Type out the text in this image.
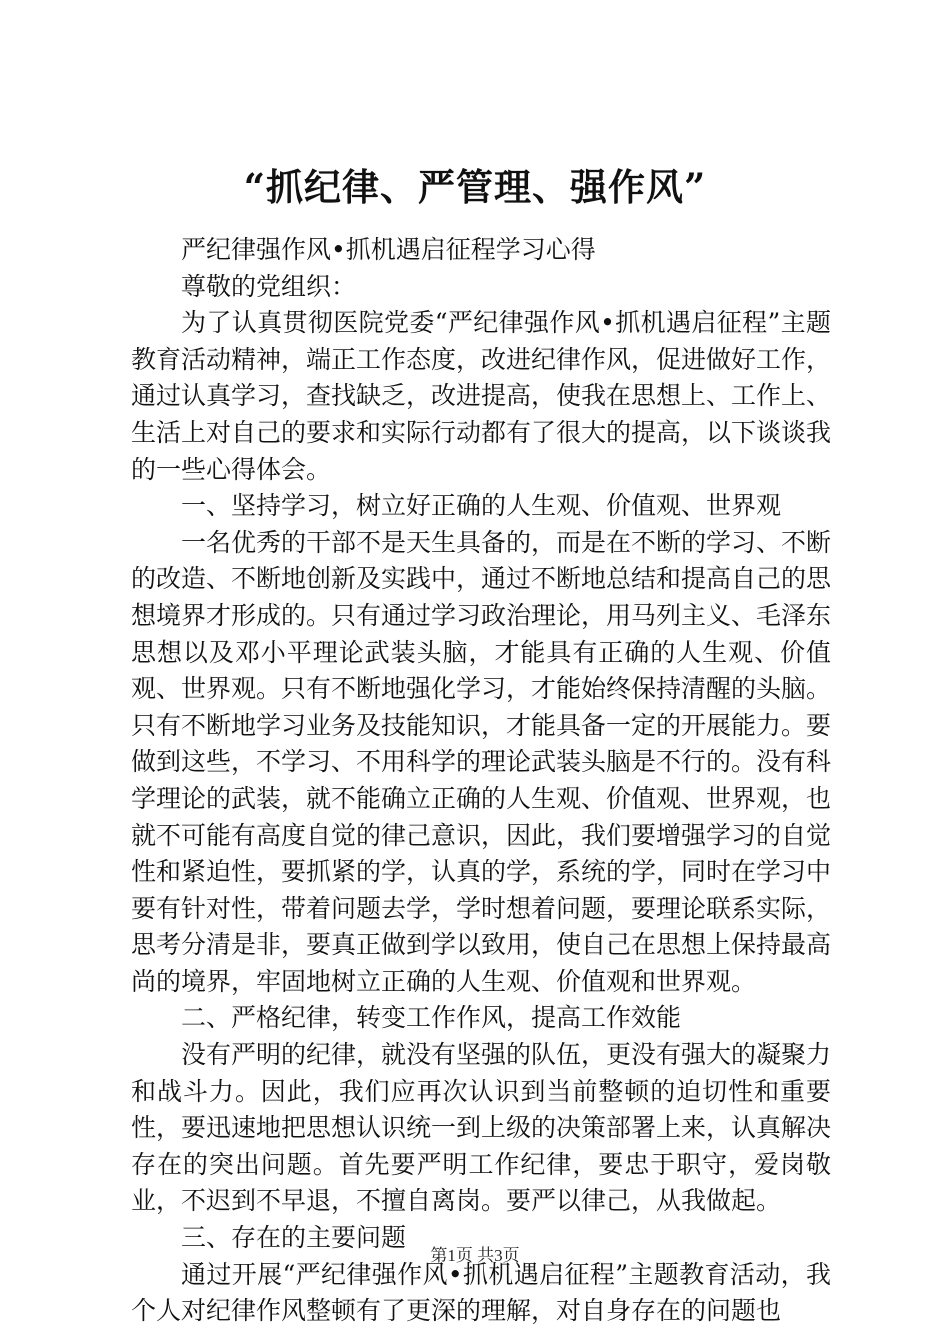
“抓纪律、严管理、强作风”

严纪律强作风•抓机遇启征程学习心得

尊敬的党组织：

为了认真贯彻医院党委“严纪律强作风•抓机遇启征程”主题教育活动精神，端正工作态度，改进纪律作风，促进做好工作，通过认真学习，查找缺乏，改进提高，使我在思想上、工作上、生活上对自己的要求和实际行动都有了很大的提高，以下谈谈我的一些心得体会。

一、坚持学习，树立好正确的人生观、价值观、世界观

一名优秀的干部不是天生具备的，而是在不断的学习、不断的改造、不断地创新及实践中，通过不断地总结和提高自己的思想境界才形成的。只有通过学习政治理论，用马列主义、毛泽东思想以及邓小平理论武装头脑，才能具有正确的人生观、价值观、世界观。只有不断地强化学习，才能始终保持清醒的头脑。只有不断地学习业务及技能知识，才能具备一定的开展能力。要做到这些，不学习、不用科学的理论武装头脑是不行的。没有科学理论的武装，就不能确立正确的人生观、价值观、世界观，也就不可能有高度自觉的律己意识，因此，我们要增强学习的自觉性和紧迫性，要抓紧的学，认真的学，系统的学，同时在学习中要有针对性，带着问题去学，学时想着问题，要理论联系实际，思考分清是非，要真正做到学以致用，使自己在思想上保持最高尚的境界，牢固地树立正确的人生观、价值观和世界观。

二、严格纪律，转变工作作风，提高工作效能

没有严明的纪律，就没有坚强的队伍，更没有强大的凝聚力和战斗力。因此，我们应再次认识到当前整顿的迫切性和重要性，要迅速地把思想认识统一到上级的决策部署上来，认真解决存在的突出问题。首先要严明工作纪律，要忠于职守，爱岗敬业，不迟到不早退，不擅自离岗。要严以律己，从我做起。

三、存在的主要问题

通过开展“严纪律强作风•抓机遇启征程”主题教育活动，我个人对纪律作风整顿有了更深的理解，对自身存在的问题也

第1页 共3页
